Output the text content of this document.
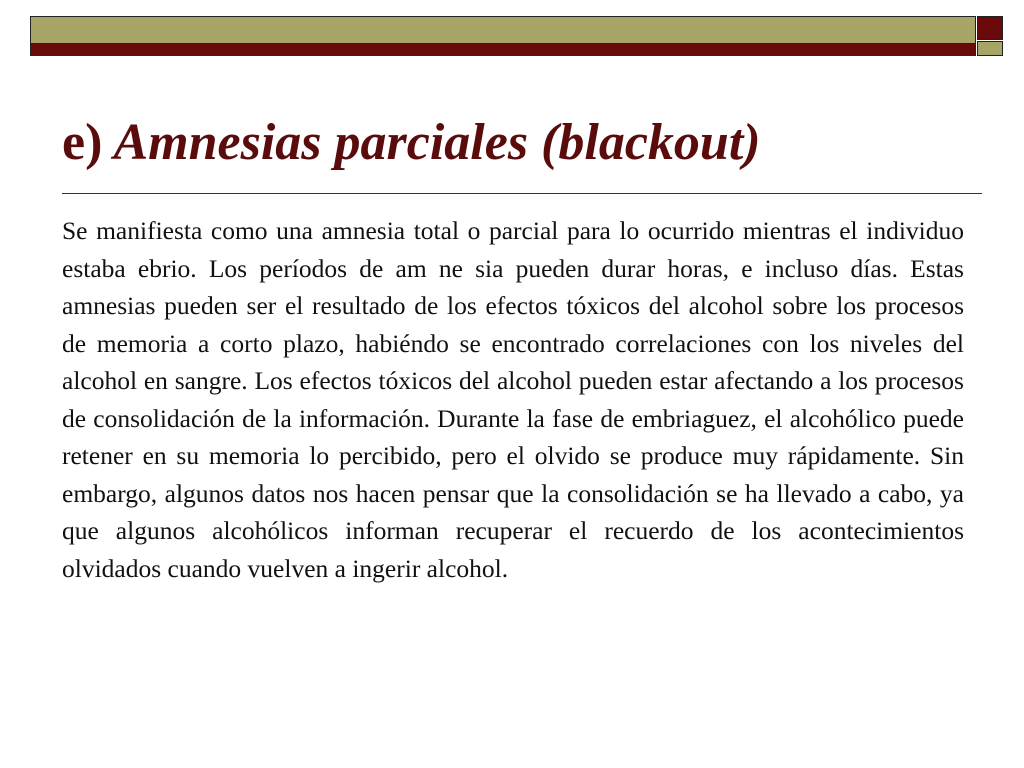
e) Amnesias parciales (blackout)

Se manifiesta como una amnesia total o parcial para lo ocurrido mientras el individuo estaba ebrio. Los períodos de am ne sia pueden durar horas, e incluso días. Estas amnesias pueden ser el resultado de los efectos tóxicos del alcohol sobre los procesos de memoria a corto plazo, habiéndo se encontrado correlaciones con los niveles del alcohol en sangre. Los efectos tóxicos del alcohol pueden estar afectando a los procesos de consolidación de la información. Durante la fase de embriaguez, el alcohólico puede retener en su memoria lo percibido, pero el olvido se produce muy rápidamente. Sin embargo, algunos datos nos hacen pensar que la consolidación se ha llevado a cabo, ya que algunos alcohólicos informan recuperar el recuerdo de los acontecimientos olvidados cuando vuelven a ingerir alcohol.
